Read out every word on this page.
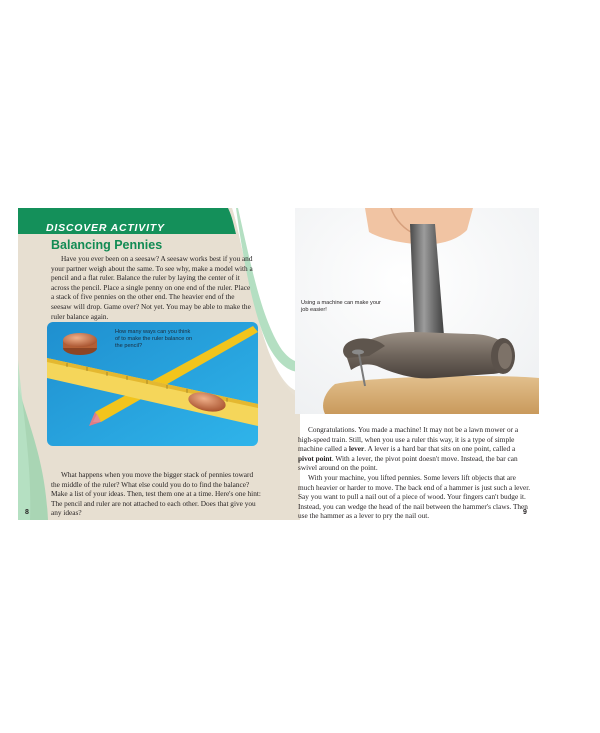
DISCOVER ACTIVITY
Balancing Pennies

Have you ever been on a seesaw? A seesaw works best if you and your partner weigh about the same. To see why, make a model with a pencil and a flat ruler. Balance the ruler by laying the center of it across the pencil. Place a single penny on one end of the ruler. Place a stack of five pennies on the other end. The heavier end of the seesaw will drop. Game over? Not yet. You may be able to make the ruler balance again.

How many ways can you think of to make the ruler balance on the pencil?

What happens when you move the bigger stack of pennies toward the middle of the ruler? What else could you do to find the balance? Make a list of your ideas. Then, test them one at a time. Here's one hint: The pencil and ruler are not attached to each other. Does that give you any ideas?

8
Using a machine can make your job easier!

Congratulations. You made a machine! It may not be a lawn mower or a high-speed train. Still, when you use a ruler this way, it is a type of simple machine called a lever. A lever is a hard bar that sits on one point, called a pivot point. With a lever, the pivot point doesn't move. Instead, the bar can swivel around on the point.

With your machine, you lifted pennies. Some levers lift objects that are much heavier or harder to move. The back end of a hammer is just such a lever. Say you want to pull a nail out of a piece of wood. Your fingers can't budge it. Instead, you can wedge the head of the nail between the hammer's claws. Then use the hammer as a lever to pry the nail out.	9
